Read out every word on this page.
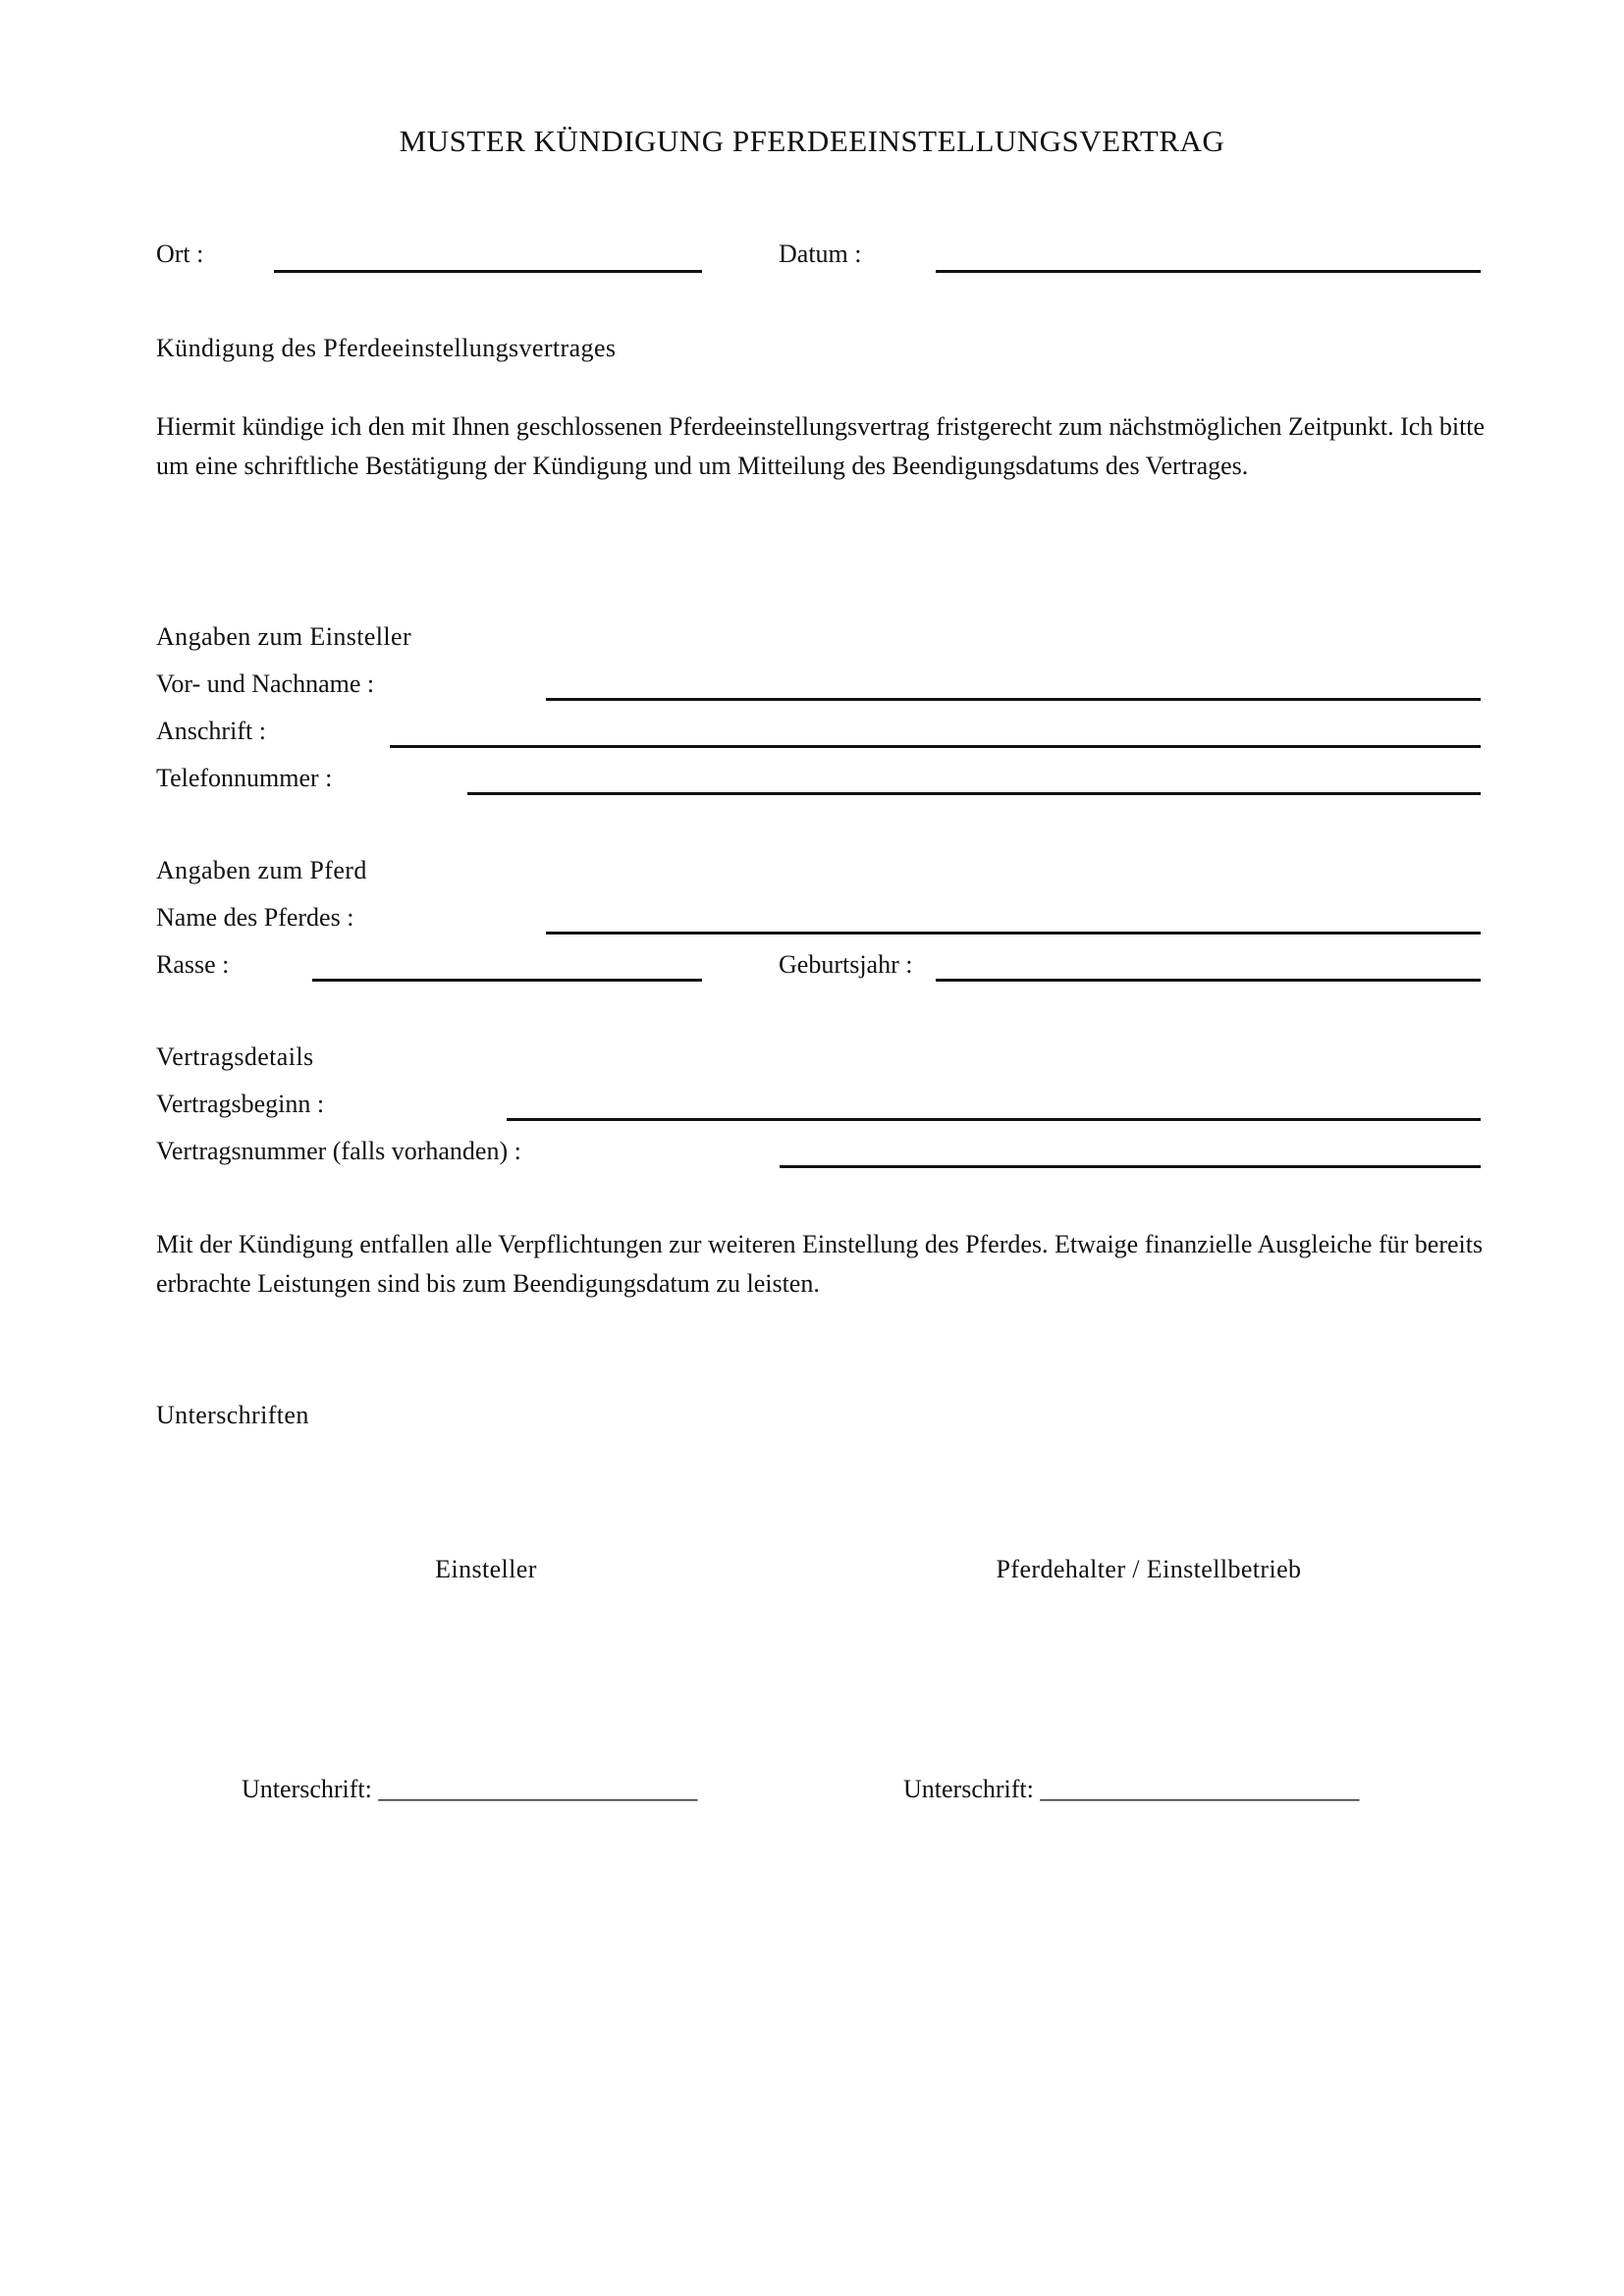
MUSTER KÜNDIGUNG PFERDEEINSTELLUNGSVERTRAG
Ort :	Datum :
Kündigung des Pferdeeinstellungsvertrages
Hiermit kündige ich den mit Ihnen geschlossenen Pferdeeinstellungsvertrag fristgerecht zum nächstmöglichen Zeitpunkt. Ich bitte um eine schriftliche Bestätigung der Kündigung und um Mitteilung des Beendigungsdatums des Vertrages.
Angaben zum Einsteller
Vor- und Nachname :
Anschrift :
Telefonnummer :
Angaben zum Pferd
Name des Pferdes :
Rasse :	Geburtsjahr :
Vertragsdetails
Vertragsbeginn :
Vertragsnummer (falls vorhanden) :
Mit der Kündigung entfallen alle Verpflichtungen zur weiteren Einstellung des Pferdes. Etwaige finanzielle Ausgleiche für bereits erbrachte Leistungen sind bis zum Beendigungsdatum zu leisten.
Unterschriften
Einsteller	Pferdehalter / Einstellbetrieb
Unterschrift: _________________________	Unterschrift: _________________________
